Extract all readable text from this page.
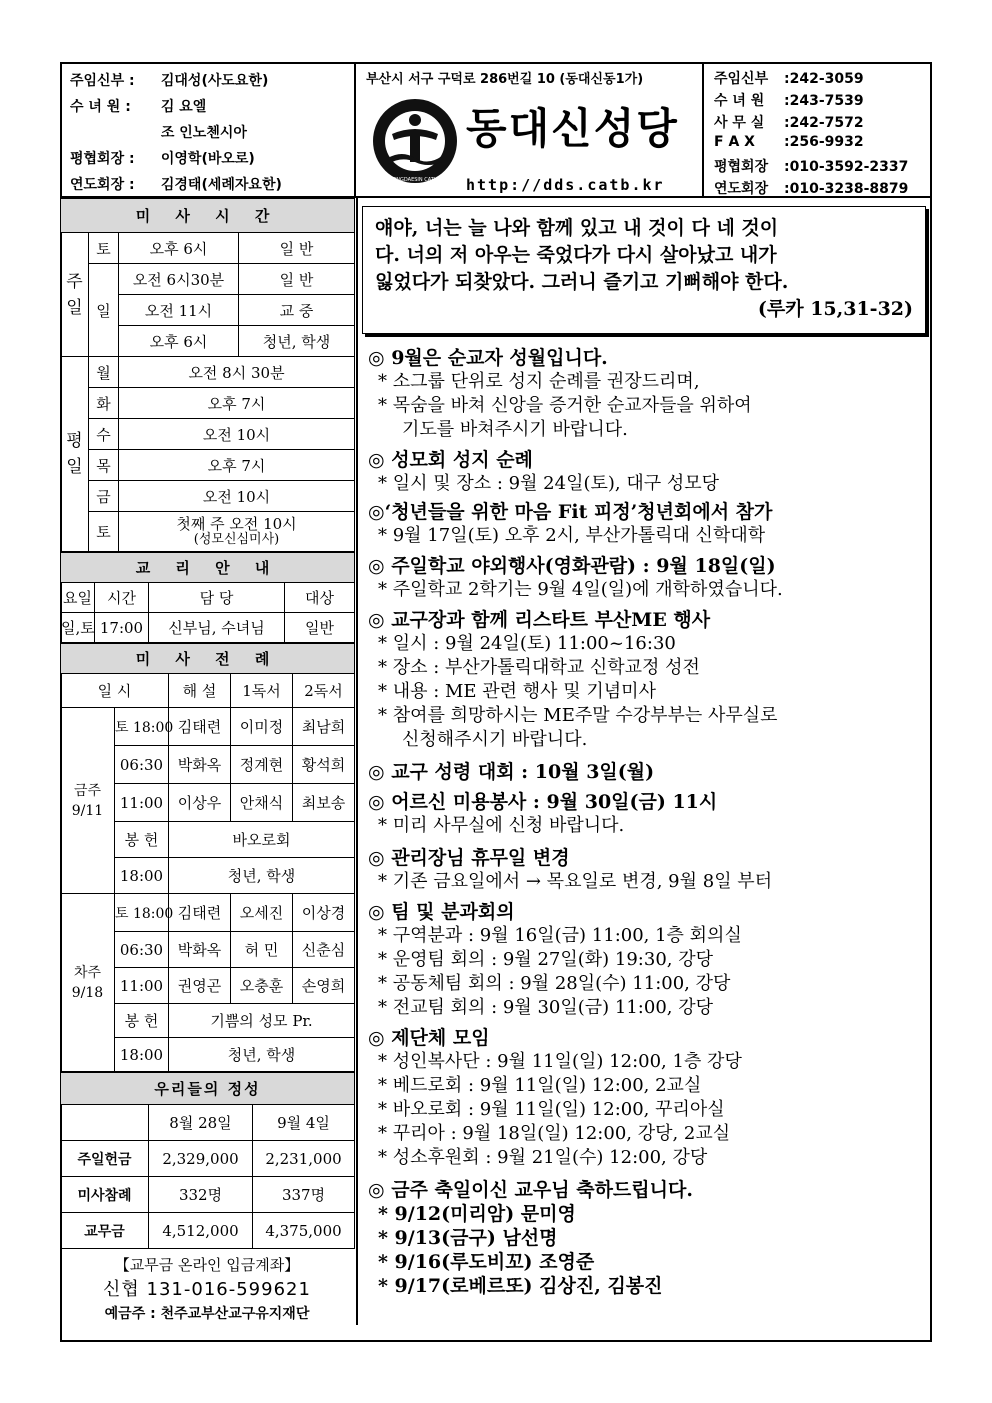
주임신부 : 김대성(사도요한)
수 녀 원 : 김 요엘
조 인노첸시아
평협회장 : 이영학(바오로)
연도회장 : 김경태(세례자요한)
부산시 서구 구덕로 286번길 10 (동대신동1가)
SAINT PAUL DONGDAESIN CATHOLIC CHURCH
동대신성당
http://dds.catb.kr
주임신부 :242-3059
수 녀 원 :243-7539
사 무 실 :242-7572
F A X :256-9932
평협회장 :010-3592-2337
연도회장 :010-3238-8879
미 사 시 간			
주일	토	오후 6시	일 반
	일	오전 6시30분	일 반
		오전 11시	교 중
		오후 6시	청년, 학생
평일	월	오전 8시 30분	
	화	오후 7시	
	수	오전 10시	
	목	오후 7시	
	금	오전 10시	
	토	첫째 주 오전 10시
(성모신심미사)	
교 리 안 내			
요일	시간	담 당	대상
일,토	17:00	신부님, 수녀님	일반
미 사 전 례				
일 시		해 설	1독서	2독서

금주
9/11	토 18:00	김태련	이미정	최남희
	06:30	박화옥	정계현	황석희
	11:00	이상우	안채식	최보송
	봉 헌	바오로회		
	18:00	청년, 학생		

차주
9/18	토 18:00	김태련	오세진	이상경
	06:30	박화옥	허 민	신춘심
	11:00	권영곤	오충훈	손영희
	봉 헌	기쁨의 성모 Pr.		
	18:00	청년, 학생		
우리들의 정성		
	8월 28일	9월 4일
주일헌금	2,329,000	2,231,000
미사참례	332명	337명
교무금	4,512,000	4,375,000
【교무금 온라인 입금계좌】
신협 131-016-599621
예금주 : 천주교부산교구유지재단
얘야, 너는 늘 나와 함께 있고 내 것이 다 네 것이
다. 너의 저 아우는 죽었다가 다시 살아났고 내가
잃었다가 되찾았다. 그러니 즐기고 기뻐해야 한다.
(루카 15,31-32)
◎ 9월은 순교자 성월입니다.
* 소그룹 단위로 성지 순례를 권장드리며,
* 목숨을 바쳐 신앙을 증거한 순교자들을 위하여
기도를 바쳐주시기 바랍니다.
◎ 성모회 성지 순례
* 일시 및 장소 : 9월 24일(토), 대구 성모당
◎‘청년들을 위한 마음 Fit 피정’청년회에서 참가
* 9월 17일(토) 오후 2시, 부산가톨릭대 신학대학
◎ 주일학교 야외행사(영화관람) : 9월 18일(일)
* 주일학교 2학기는 9월 4일(일)에 개학하였습니다.
◎ 교구장과 함께 리스타트 부산ME 행사
* 일시 : 9월 24일(토) 11:00~16:30
* 장소 : 부산가톨릭대학교 신학교정 성전
* 내용 : ME 관련 행사 및 기념미사
* 참여를 희망하시는 ME주말 수강부부는 사무실로
신청해주시기 바랍니다.
◎ 교구 성령 대회 : 10월 3일(월)
◎ 어르신 미용봉사 : 9월 30일(금) 11시
* 미리 사무실에 신청 바랍니다.
◎ 관리장님 휴무일 변경
* 기존 금요일에서 → 목요일로 변경, 9월 8일 부터
◎ 팀 및 분과회의
* 구역분과 : 9월 16일(금) 11:00, 1층 회의실
* 운영팀 회의 : 9월 27일(화) 19:30, 강당
* 공동체팀 회의 : 9월 28일(수) 11:00, 강당
* 전교팀 회의 : 9월 30일(금) 11:00, 강당
◎ 제단체 모임
* 성인복사단 : 9월 11일(일) 12:00, 1층 강당
* 베드로회 : 9월 11일(일) 12:00, 2교실
* 바오로회 : 9월 11일(일) 12:00, 꾸리아실
* 꾸리아 : 9월 18일(일) 12:00, 강당, 2교실
* 성소후원회 : 9월 21일(수) 12:00, 강당
◎ 금주 축일이신 교우님 축하드립니다.
* 9/12(미리암) 문미영
* 9/13(금구) 남선명
* 9/16(루도비꼬) 조영준
* 9/17(로베르또) 김상진, 김봉진
